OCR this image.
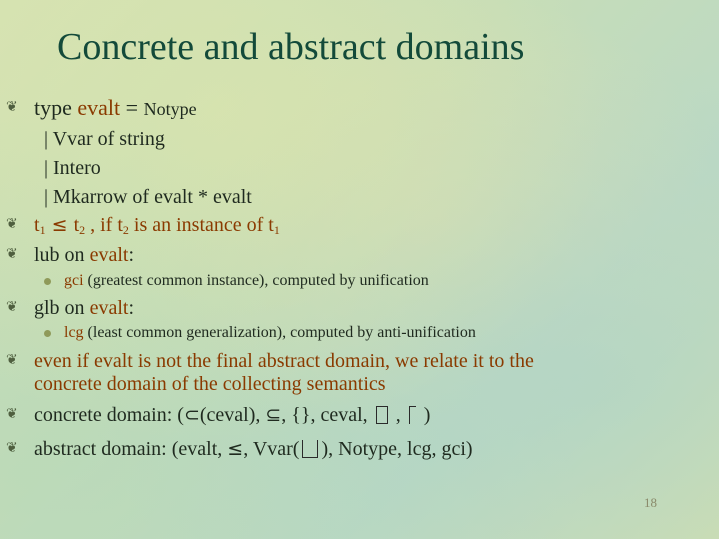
Concrete and abstract domains
❦ type evalt = Notype
| Vvar of string
| Intero
| Mkarrow of evalt * evalt
❦ $t_1 \le t_2$ , if $t_2$ is an instance of $t_1$
❦ lub on evalt:
gci (greatest common instance), computed by unification
❦ glb on evalt:
lcg (least common generalization), computed by anti-unification
❦ even if evalt is not the final abstract domain, we relate it to the
concrete domain of the collecting semantics
❦ concrete domain: (⊂(ceval), ⊆, {}, ceval,  ,  )
❦ abstract domain: (evalt, ≤, Vvar( ), Notype, lcg, gci)
18
